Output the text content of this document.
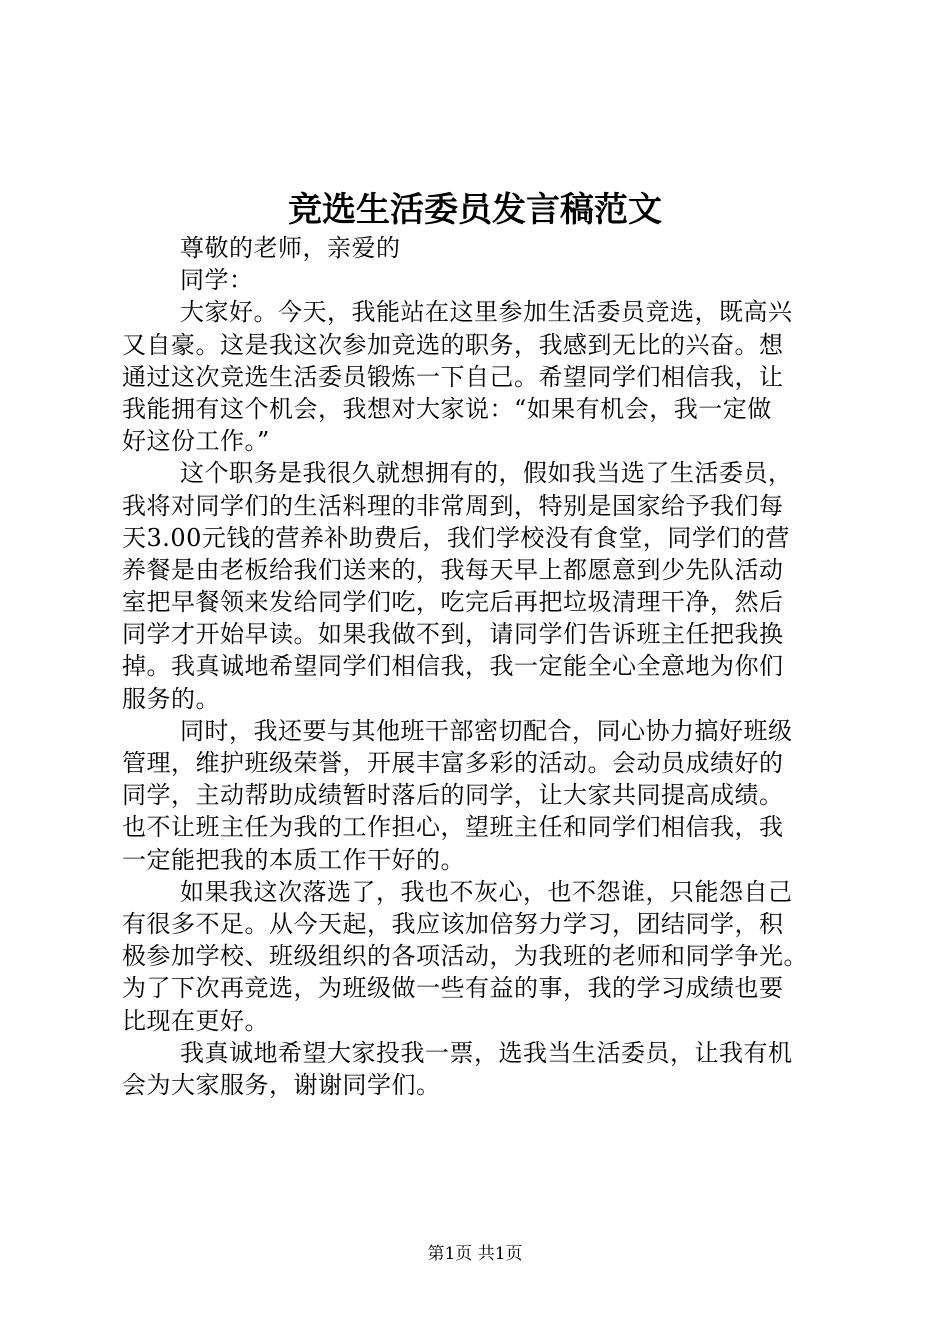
竞选生活委员发言稿范文
尊敬的老师，亲爱的
同学：
大家好。今天，我能站在这里参加生活委员竞选，既高兴
又自豪。这是我这次参加竞选的职务，我感到无比的兴奋。想
通过这次竞选生活委员锻炼一下自己。希望同学们相信我，让
我能拥有这个机会，我想对大家说：“如果有机会，我一定做
好这份工作。”
这个职务是我很久就想拥有的，假如我当选了生活委员，
我将对同学们的生活料理的非常周到，特别是国家给予我们每
天3.00元钱的营养补助费后，我们学校没有食堂，同学们的营
养餐是由老板给我们送来的，我每天早上都愿意到少先队活动
室把早餐领来发给同学们吃，吃完后再把垃圾清理干净，然后
同学才开始早读。如果我做不到，请同学们告诉班主任把我换
掉。我真诚地希望同学们相信我，我一定能全心全意地为你们
服务的。
同时，我还要与其他班干部密切配合，同心协力搞好班级
管理，维护班级荣誉，开展丰富多彩的活动。会动员成绩好的
同学，主动帮助成绩暂时落后的同学，让大家共同提高成绩。
也不让班主任为我的工作担心，望班主任和同学们相信我，我
一定能把我的本质工作干好的。
如果我这次落选了，我也不灰心，也不怨谁，只能怨自己
有很多不足。从今天起，我应该加倍努力学习，团结同学，积
极参加学校、班级组织的各项活动，为我班的老师和同学争光。
为了下次再竞选，为班级做一些有益的事，我的学习成绩也要
比现在更好。
我真诚地希望大家投我一票，选我当生活委员，让我有机
会为大家服务，谢谢同学们。
第1页 共1页
